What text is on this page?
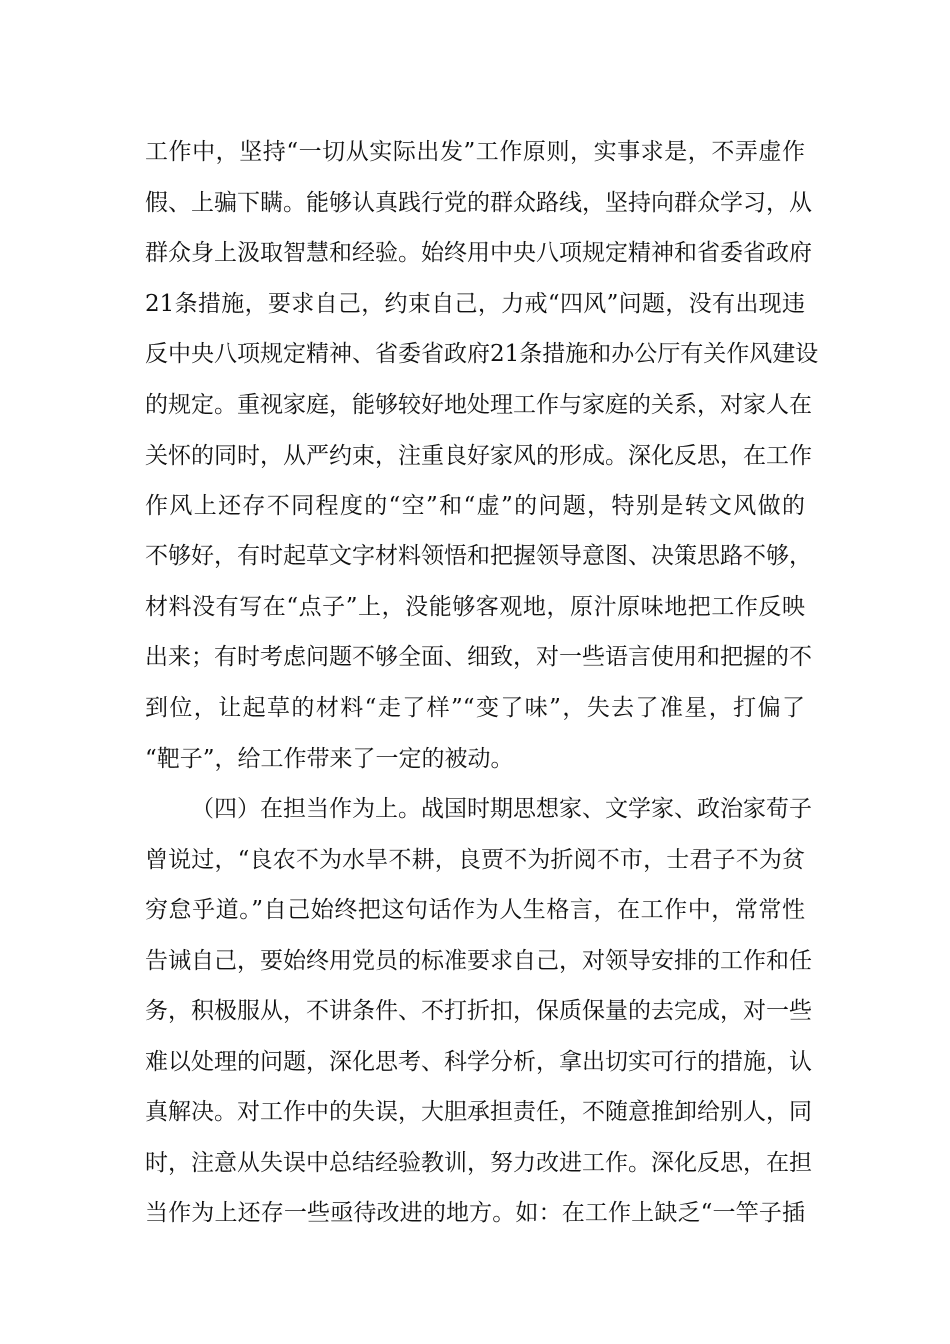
工作中，坚持“一切从实际出发”工作原则，实事求是，不弄虚作
假、上骗下瞒。能够认真践行党的群众路线，坚持向群众学习，从
群众身上汲取智慧和经验。始终用中央八项规定精神和省委省政府
21条措施，要求自己，约束自己，力戒“四风”问题，没有出现违
反中央八项规定精神、省委省政府21条措施和办公厅有关作风建设
的规定。重视家庭，能够较好地处理工作与家庭的关系，对家人在
关怀的同时，从严约束，注重良好家风的形成。深化反思，在工作
作风上还存不同程度的“空”和“虚”的问题，特别是转文风做的
不够好，有时起草文字材料领悟和把握领导意图、决策思路不够，
材料没有写在“点子”上，没能够客观地，原汁原味地把工作反映
出来；有时考虑问题不够全面、细致，对一些语言使用和把握的不
到位，让起草的材料“走了样”“变了味”，失去了准星，打偏了
“靶子”，给工作带来了一定的被动。
（四）在担当作为上。战国时期思想家、文学家、政治家荀子
曾说过，“良农不为水旱不耕，良贾不为折阅不市，士君子不为贫
穷怠乎道。”自己始终把这句话作为人生格言，在工作中，常常性
告诫自己，要始终用党员的标准要求自己，对领导安排的工作和任
务，积极服从，不讲条件、不打折扣，保质保量的去完成，对一些
难以处理的问题，深化思考、科学分析，拿出切实可行的措施，认
真解决。对工作中的失误，大胆承担责任，不随意推卸给别人，同
时，注意从失误中总结经验教训，努力改进工作。深化反思，在担
当作为上还存一些亟待改进的地方。如：在工作上缺乏“一竿子插
